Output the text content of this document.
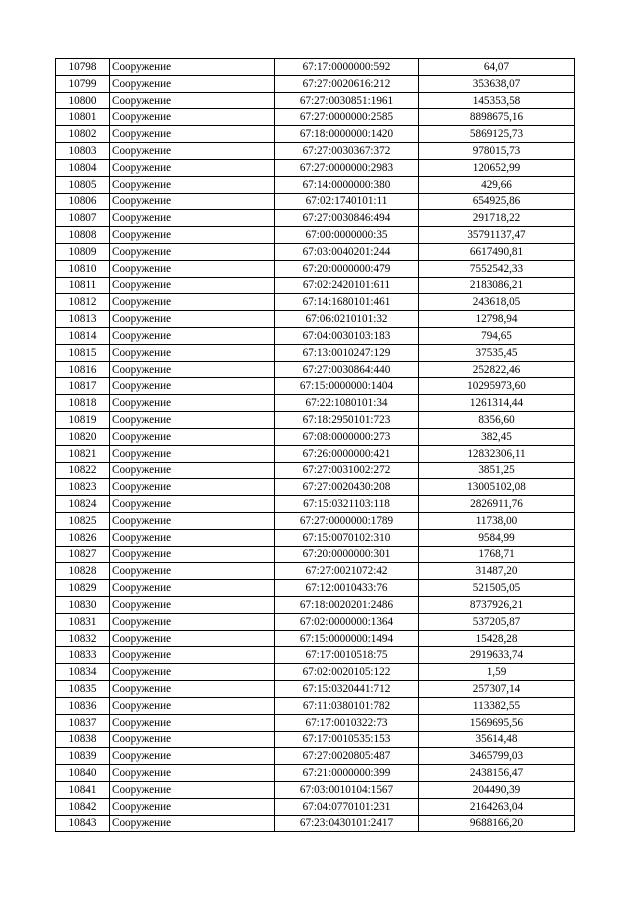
10798	Сооружение	67:17:0000000:592	64,07
10799	Сооружение	67:27:0020616:212	353638,07
10800	Сооружение	67:27:0030851:1961	145353,58
10801	Сооружение	67:27:0000000:2585	8898675,16
10802	Сооружение	67:18:0000000:1420	5869125,73
10803	Сооружение	67:27:0030367:372	978015,73
10804	Сооружение	67:27:0000000:2983	120652,99
10805	Сооружение	67:14:0000000:380	429,66
10806	Сооружение	67:02:1740101:11	654925,86
10807	Сооружение	67:27:0030846:494	291718,22
10808	Сооружение	67:00:0000000:35	35791137,47
10809	Сооружение	67:03:0040201:244	6617490,81
10810	Сооружение	67:20:0000000:479	7552542,33
10811	Сооружение	67:02:2420101:611	2183086,21
10812	Сооружение	67:14:1680101:461	243618,05
10813	Сооружение	67:06:0210101:32	12798,94
10814	Сооружение	67:04:0030103:183	794,65
10815	Сооружение	67:13:0010247:129	37535,45
10816	Сооружение	67:27:0030864:440	252822,46
10817	Сооружение	67:15:0000000:1404	10295973,60
10818	Сооружение	67:22:1080101:34	1261314,44
10819	Сооружение	67:18:2950101:723	8356,60
10820	Сооружение	67:08:0000000:273	382,45
10821	Сооружение	67:26:0000000:421	12832306,11
10822	Сооружение	67:27:0031002:272	3851,25
10823	Сооружение	67:27:0020430:208	13005102,08
10824	Сооружение	67:15:0321103:118	2826911,76
10825	Сооружение	67:27:0000000:1789	11738,00
10826	Сооружение	67:15:0070102:310	9584,99
10827	Сооружение	67:20:0000000:301	1768,71
10828	Сооружение	67:27:0021072:42	31487,20
10829	Сооружение	67:12:0010433:76	521505,05
10830	Сооружение	67:18:0020201:2486	8737926,21
10831	Сооружение	67:02:0000000:1364	537205,87
10832	Сооружение	67:15:0000000:1494	15428,28
10833	Сооружение	67:17:0010518:75	2919633,74
10834	Сооружение	67:02:0020105:122	1,59
10835	Сооружение	67:15:0320441:712	257307,14
10836	Сооружение	67:11:0380101:782	113382,55
10837	Сооружение	67:17:0010322:73	1569695,56
10838	Сооружение	67:17:0010535:153	35614,48
10839	Сооружение	67:27:0020805:487	3465799,03
10840	Сооружение	67:21:0000000:399	2438156,47
10841	Сооружение	67:03:0010104:1567	204490,39
10842	Сооружение	67:04:0770101:231	2164263,04
10843	Сооружение	67:23:0430101:2417	9688166,20
